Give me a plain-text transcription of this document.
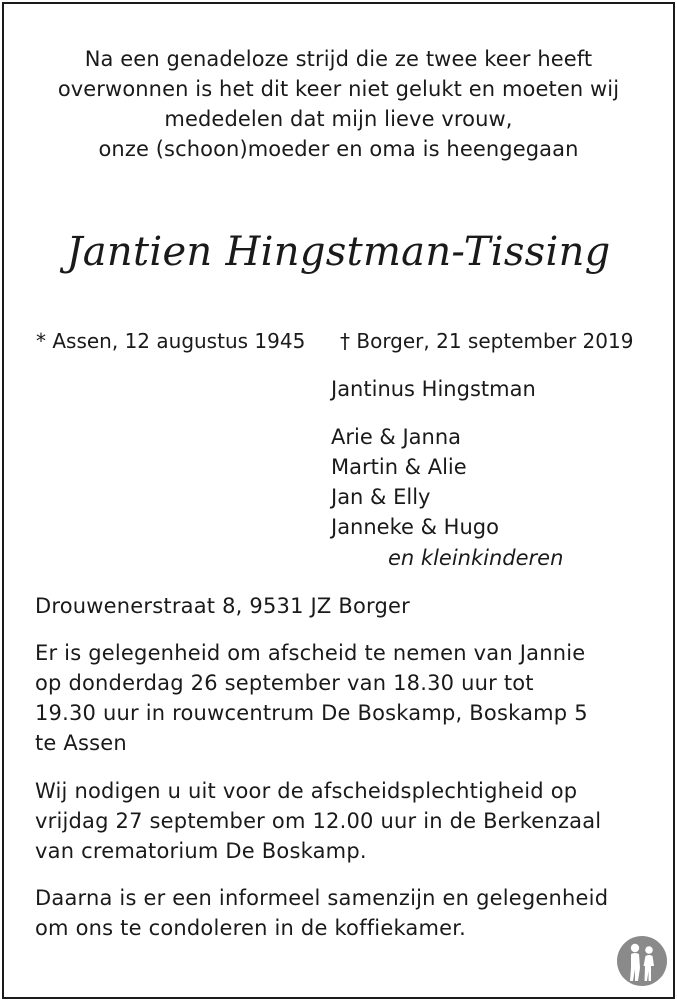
Na een genadeloze strijd die ze twee keer heeft
overwonnen is het dit keer niet gelukt en moeten wij
mededelen dat mijn lieve vrouw,
onze (schoon)moeder en oma is heengegaan
Jantien Hingstman-Tissing
* Assen, 12 augustus 1945 † Borger, 21 september 2019
Jantinus Hingstman
Arie & Janna
Martin & Alie
Jan & Elly
Janneke & Hugo
en kleinkinderen
Drouwenerstraat 8, 9531 JZ Borger
Er is gelegenheid om afscheid te nemen van Jannie
op donderdag 26 september van 18.30 uur tot
19.30 uur in rouwcentrum De Boskamp, Boskamp 5
te Assen
Wij nodigen u uit voor de afscheidsplechtigheid op
vrijdag 27 september om 12.00 uur in de Berkenzaal
van crematorium De Boskamp.
Daarna is er een informeel samenzijn en gelegenheid
om ons te condoleren in de koffiekamer.
